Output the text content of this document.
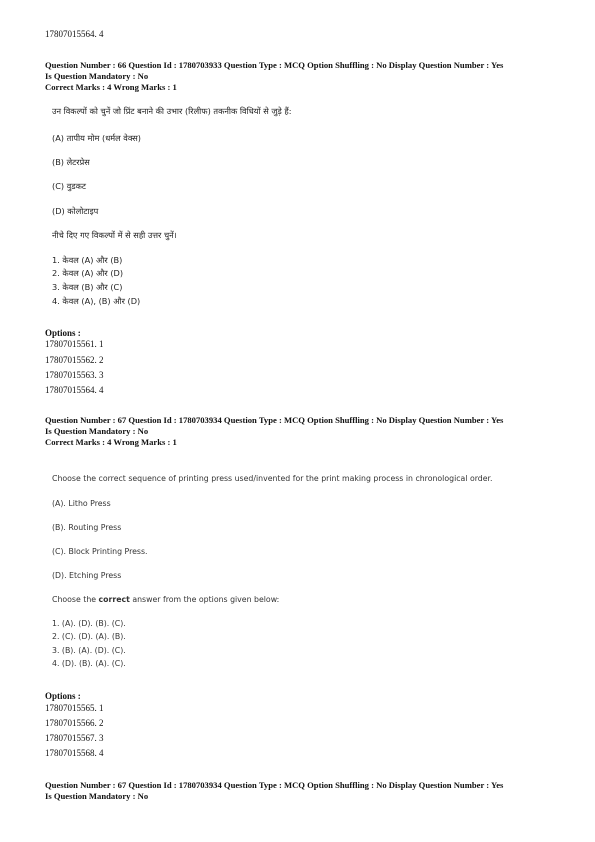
17807015564. 4
Question Number : 66 Question Id : 1780703933 Question Type : MCQ Option Shuffling : No Display Question Number : Yes
Is Question Mandatory : No
Correct Marks : 4 Wrong Marks : 1
उन विकल्पों को चुनें जो प्रिंट बनाने की उभार (रिलीफ) तकनीक विधियों से जुड़े हैं:
(A) तापीय मोम (धर्मल वेक्स)
(B) लेटरप्रेस
(C) वुडकट
(D) कोलोटाइप
नीचे दिए गए विकल्पों में से सही उत्तर चुनें।
1. केवल (A) और (B)
2. केवल (A) और (D)
3. केवल (B) और (C)
4. केवल (A), (B) और (D)
Options :
17807015561. 1
17807015562. 2
17807015563. 3
17807015564. 4
Question Number : 67 Question Id : 1780703934 Question Type : MCQ Option Shuffling : No Display Question Number : Yes
Is Question Mandatory : No
Correct Marks : 4 Wrong Marks : 1
Choose the correct sequence of printing press used/invented for the print making process in chronological order.
(A). Litho Press
(B). Routing Press
(C). Block Printing Press.
(D). Etching Press
Choose the correct answer from the options given below:
1. (A). (D). (B). (C).
2. (C). (D). (A). (B).
3. (B). (A). (D). (C).
4. (D). (B). (A). (C).
Options :
17807015565. 1
17807015566. 2
17807015567. 3
17807015568. 4
Question Number : 67 Question Id : 1780703934 Question Type : MCQ Option Shuffling : No Display Question Number : Yes
Is Question Mandatory : No
